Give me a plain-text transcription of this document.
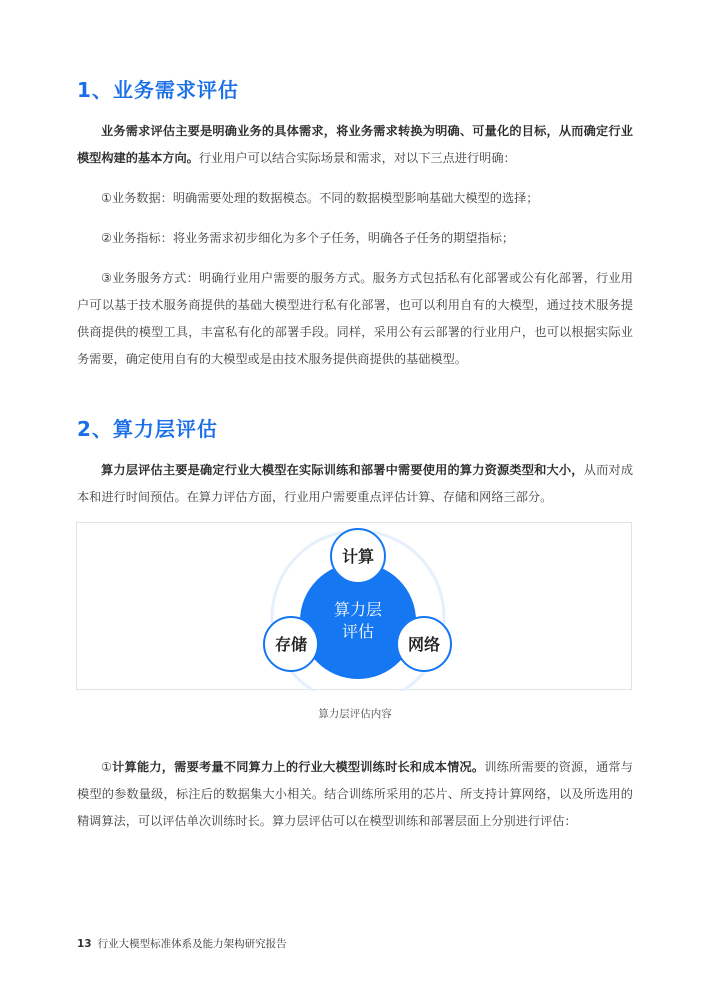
1、业务需求评估
业务需求评估主要是明确业务的具体需求，将业务需求转换为明确、可量化的目标，从而确定行业模型构建的基本方向。行业用户可以结合实际场景和需求，对以下三点进行明确：
①业务数据：明确需要处理的数据模态。不同的数据模型影响基础大模型的选择；
②业务指标：将业务需求初步细化为多个子任务，明确各子任务的期望指标；
③业务服务方式：明确行业用户需要的服务方式。服务方式包括私有化部署或公有化部署，行业用户可以基于技术服务商提供的基础大模型进行私有化部署，也可以利用自有的大模型，通过技术服务提供商提供的模型工具，丰富私有化的部署手段。同样，采用公有云部署的行业用户，也可以根据实际业务需要，确定使用自有的大模型或是由技术服务提供商提供的基础模型。
2、算力层评估
算力层评估主要是确定行业大模型在实际训练和部署中需要使用的算力资源类型和大小，从而对成本和进行时间预估。在算力评估方面，行业用户需要重点评估计算、存储和网络三部分。
算力层
评估
计算
存储	网络
算力层评估内容
①计算能力，需要考量不同算力上的行业大模型训练时长和成本情况。训练所需要的资源，通常与模型的参数量级，标注后的数据集大小相关。结合训练所采用的芯片、所支持计算网络，以及所选用的精调算法，可以评估单次训练时长。算力层评估可以在模型训练和部署层面上分别进行评估：
13 行业大模型标准体系及能力架构研究报告
